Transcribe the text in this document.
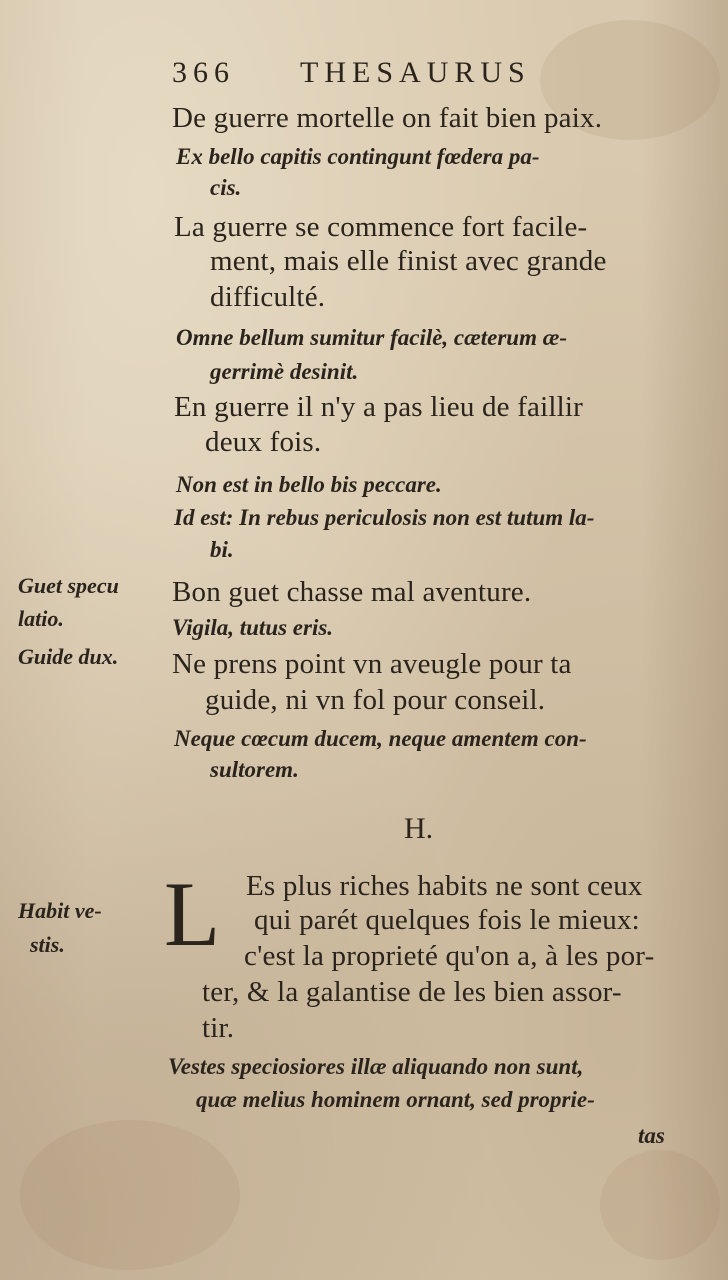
366 THESAURUS
De guerre mortelle on fait bien paix.
Ex bello capitis contingunt fœdera pa-
cis.
La guerre se commence fort facile-
ment, mais elle finist avec grande
difficulté.
Omne bellum sumitur facilè, cæterum æ-
gerrimè desinit.
En guerre il n'y a pas lieu de faillir
deux fois.
Non est in bello bis peccare.
Id est: In rebus periculosis non est tutum la-
bi.
Bon guet chasse mal aventure.
Vigila, tutus eris.
Ne prens point vn aveugle pour ta
guide, ni vn fol pour conseil.
Neque cœcum ducem, neque amentem con-
sultorem.
H.
L Es plus riches habits ne sont ceux
qui parét quelques fois le mieux:
c'est la proprieté qu'on a, à les por-
ter, & la galantise de les bien assor-
tir.
Vestes speciosiores illæ aliquando non sunt,
quæ melius hominem ornant, sed proprie-
tas
Guet specu
latio.
Guide dux.
Habit ve-
stis.
